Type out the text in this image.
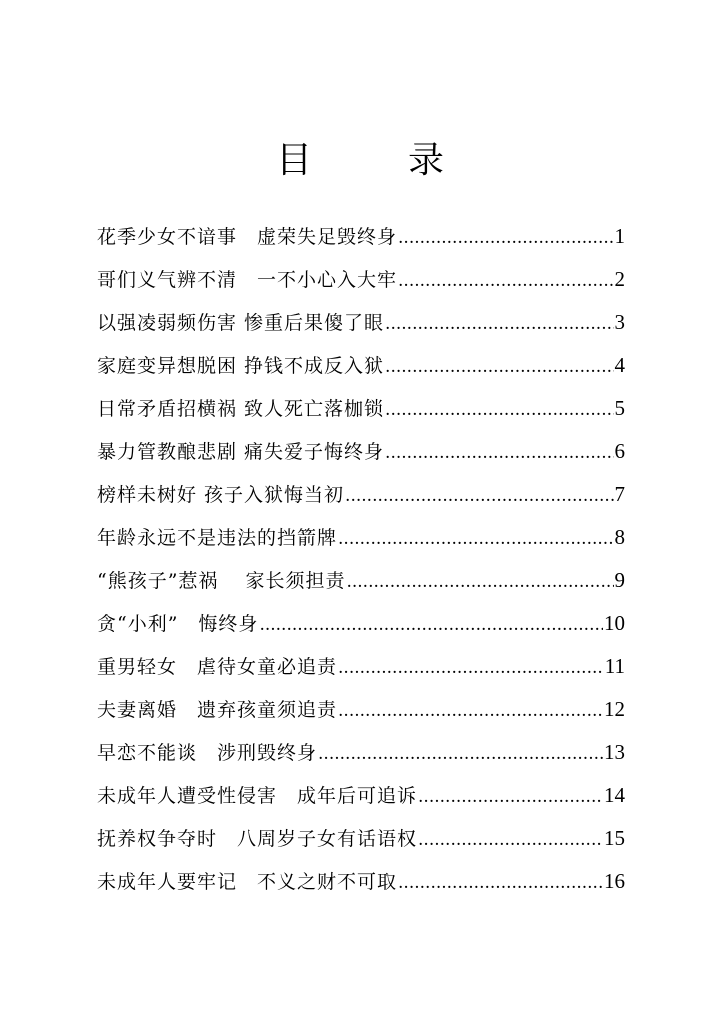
目　录
花季少女不谙事　虚荣失足毁终身 .....	1
哥们义气辨不清　一不小心入大牢 .....	2
以强凌弱频伤害 惨重后果傻了眼 .....	3
家庭变异想脱困 挣钱不成反入狱 .....	4
日常矛盾招横祸 致人死亡落枷锁 .....	5
暴力管教酿悲剧 痛失爱子悔终身 .....	6
榜样未树好 孩子入狱悔当初 .....	7
年龄永远不是违法的挡箭牌 .....	8
“熊孩子”惹祸　 家长须担责 .....	9
贪“小利”　悔终身 .....	10
重男轻女　虐待女童必追责 .....	11
夫妻离婚　遗弃孩童须追责 .....	12
早恋不能谈　涉刑毁终身 .....	13
未成年人遭受性侵害　成年后可追诉 .....	14
抚养权争夺时　八周岁子女有话语权 .....	15
未成年人要牢记　不义之财不可取 .....	16
